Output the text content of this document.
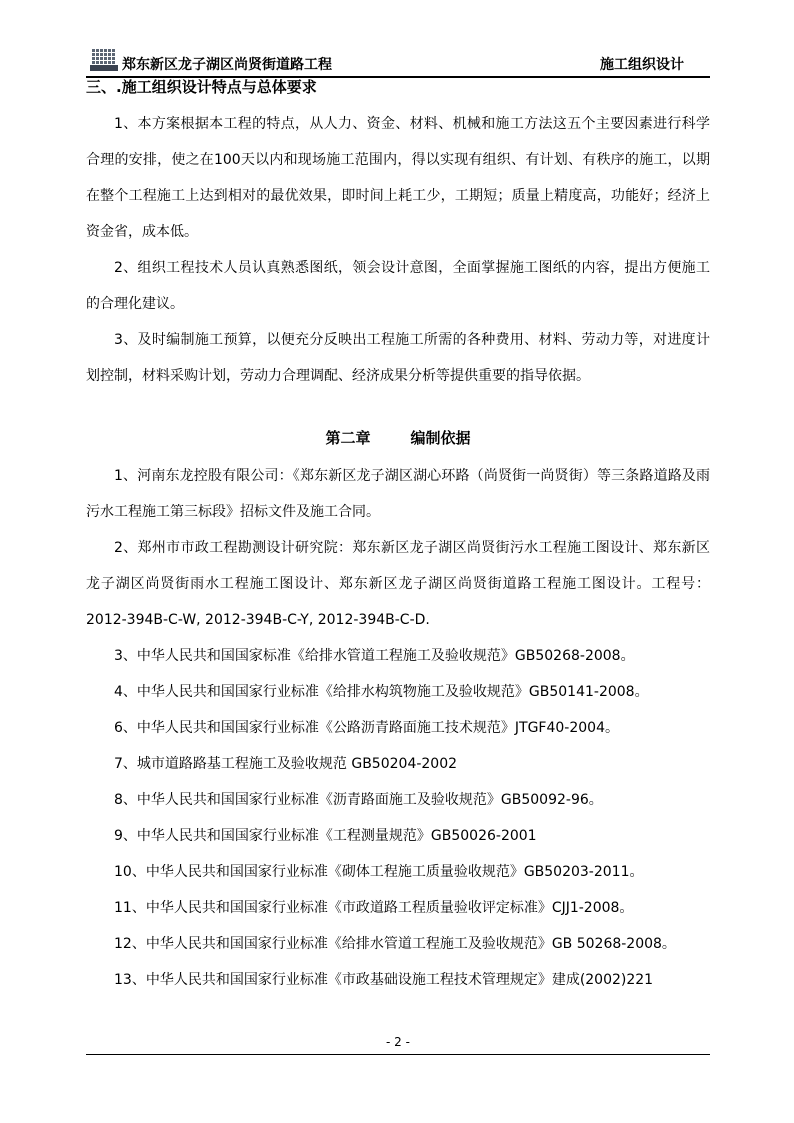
郑东新区龙子湖区尚贤街道路工程	施工组织设计
三、.施工组织设计特点与总体要求

1、本方案根据本工程的特点，从人力、资金、材料、机械和施工方法这五个主要因素进行科学合理的安排，使之在100天以内和现场施工范围内，得以实现有组织、有计划、有秩序的施工，以期在整个工程施工上达到相对的最优效果，即时间上耗工少，工期短；质量上精度高，功能好；经济上资金省，成本低。

2、组织工程技术人员认真熟悉图纸，领会设计意图，全面掌握施工图纸的内容，提出方便施工的合理化建议。

3、及时编制施工预算，以便充分反映出工程施工所需的各种费用、材料、劳动力等，对进度计划控制，材料采购计划，劳动力合理调配、经济成果分析等提供重要的指导依据。

第二章	编制依据

1、河南东龙控股有限公司：《郑东新区龙子湖区湖心环路（尚贤街一尚贤街）等三条路道路及雨污水工程施工第三标段》招标文件及施工合同。

2、郑州市市政工程勘测设计研究院：郑东新区龙子湖区尚贤街污水工程施工图设计、郑东新区龙子湖区尚贤街雨水工程施工图设计、郑东新区龙子湖区尚贤街道路工程施工图设计。工程号：2012-394B-C-W, 2012-394B-C-Y, 2012-394B-C-D.

3、中华人民共和国国家标准《给排水管道工程施工及验收规范》GB50268-2008。

4、中华人民共和国国家行业标准《给排水构筑物施工及验收规范》GB50141-2008。

6、中华人民共和国国家行业标准《公路沥青路面施工技术规范》JTGF40-2004。

7、城市道路路基工程施工及验收规范 GB50204-2002

8、中华人民共和国国家行业标准《沥青路面施工及验收规范》GB50092-96。

9、中华人民共和国国家行业标准《工程测量规范》GB50026-2001

10、中华人民共和国国家行业标准《砌体工程施工质量验收规范》GB50203-2011。

11、中华人民共和国国家行业标准《市政道路工程质量验收评定标准》CJJ1-2008。

12、中华人民共和国国家行业标准《给排水管道工程施工及验收规范》GB 50268-2008。

13、中华人民共和国国家行业标准《市政基础设施工程技术管理规定》建成(2002)221

- 2 -
